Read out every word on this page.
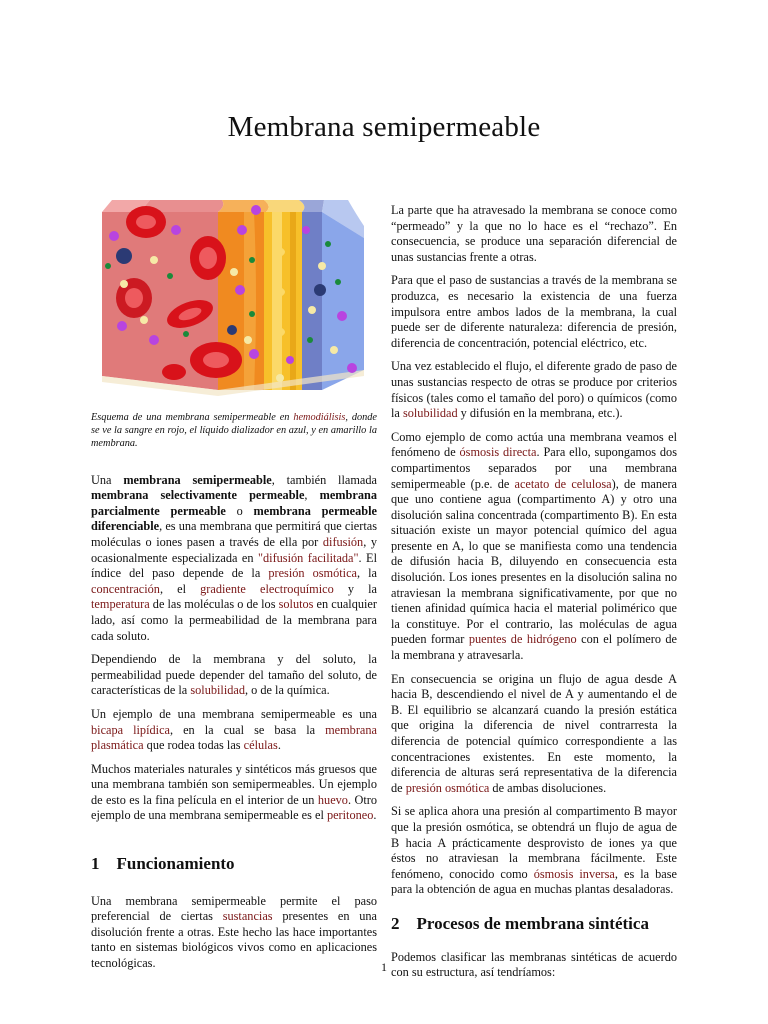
Membrana semipermeable
Esquema de una membrana semipermeable en hemodiálisis, donde se ve la sangre en rojo, el líquido dializador en azul, y en amarillo la membrana.

Una membrana semipermeable, también llamada membrana selectivamente permeable, membrana parcialmente permeable o membrana permeable diferenciable, es una membrana que permitirá que ciertas moléculas o iones pasen a través de ella por difusión, y ocasionalmente especializada en "difusión facilitada". El índice del paso depende de la presión osmótica, la concentración, el gradiente electroquímico y la temperatura de las moléculas o de los solutos en cualquier lado, así como la permeabilidad de la membrana para cada soluto.

Dependiendo de la membrana y del soluto, la permeabilidad puede depender del tamaño del soluto, de características de la solubilidad, o de la química.

Un ejemplo de una membrana semipermeable es una bicapa lipídica, en la cual se basa la membrana plasmática que rodea todas las células.

Muchos materiales naturales y sintéticos más gruesos que una membrana también son semipermeables. Un ejemplo de esto es la fina película en el interior de un huevo. Otro ejemplo de una membrana semipermeable es el peritoneo.

1 Funcionamiento

Una membrana semipermeable permite el paso preferencial de ciertas sustancias presentes en una disolución frente a otras. Este hecho las hace importantes tanto en sistemas biológicos vivos como en aplicaciones tecnológicas.

La parte que ha atravesado la membrana se conoce como “permeado” y la que no lo hace es el “rechazo”. En consecuencia, se produce una separación diferencial de unas sustancias frente a otras.

Para que el paso de sustancias a través de la membrana se produzca, es necesario la existencia de una fuerza impulsora entre ambos lados de la membrana, la cual puede ser de diferente naturaleza: diferencia de presión, diferencia de concentración, potencial eléctrico, etc.

Una vez establecido el flujo, el diferente grado de paso de unas sustancias respecto de otras se produce por criterios físicos (tales como el tamaño del poro) o químicos (como la solubilidad y difusión en la membrana, etc.).

Como ejemplo de como actúa una membrana veamos el fenómeno de ósmosis directa. Para ello, supongamos dos compartimentos separados por una membrana semipermeable (p.e. de acetato de celulosa), de manera que uno contiene agua (compartimento A) y otro una disolución salina concentrada (compartimento B). En esta situación existe un mayor potencial químico del agua presente en A, lo que se manifiesta como una tendencia de difusión hacia B, diluyendo en consecuencia esta disolución. Los iones presentes en la disolución salina no atraviesan la membrana significativamente, por que no tienen afinidad química hacia el material polimérico que la constituye. Por el contrario, las moléculas de agua pueden formar puentes de hidrógeno con el polímero de la membrana y atravesarla.

En consecuencia se origina un flujo de agua desde A hacia B, descendiendo el nivel de A y aumentando el de B. El equilibrio se alcanzará cuando la presión estática que origina la diferencia de nivel contrarresta la diferencia de potencial químico correspondiente a las concentraciones existentes. En este momento, la diferencia de alturas será representativa de la diferencia de presión osmótica de ambas disoluciones.

Si se aplica ahora una presión al compartimento B mayor que la presión osmótica, se obtendrá un flujo de agua de B hacia A prácticamente desprovisto de iones ya que éstos no atraviesan la membrana fácilmente. Este fenómeno, conocido como ósmosis inversa, es la base para la obtención de agua en muchas plantas desaladoras.

2 Procesos de membrana sintética

Podemos clasificar las membranas sintéticas de acuerdo con su estructura, así tendríamos:

1
